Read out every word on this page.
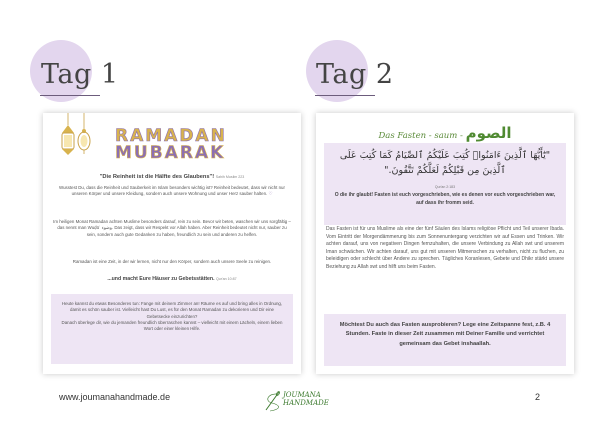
Tag 1	Tag 2
RAMADAN
MUBARAK
"Die Reinheit ist die Hälfte des Glaubens"! Sahih Muslim 223
Wusstest Du, dass die Reinheit und Sauberkeit im Islam besonders wichtig ist? Reinheit bedeutet, dass wir nicht nur unseren Körper und unsere Kleidung, sondern auch unsere Wohnung und unser Herz sauber halten. ♡
Im heiligen Monat Ramadan achten Muslime besonders darauf, rein zu sein. Bevor wir beten, waschen wir uns sorgfältig – das nennt man Wuḍūʾ وضوء. Das zeigt, dass wir Respekt vor Allah haben. Aber Reinheit bedeutet nicht nur, sauber zu sein, sondern auch gute Gedanken zu haben, freundlich zu sein und anderen zu helfen.
Ramadan ist eine Zeit, in der wir lernen, nicht nur den Körper, sondern auch unsere Seele zu reinigen.
...und macht Eure Häuser zu Gebetsstätten. Qur'an 10:87

Heute kannst du etwas Besonderes tun: Fange mit deinem Zimmer an! Räume es auf und bring alles in Ordnung, damit es schön sauber ist. Vielleicht hast Du Lust, es für den Monat Ramadan zu dekorieren und Dir eine Gebetsecke einzurichten?

Danach überlege dir, wie du jemanden freundlich überraschen kannst – vielleicht mit einem Lächeln, einem lieben Wort oder einer kleinen Hilfe.

Das Fasten - saum - الصوم
"يَٰٓأَيُّهَا ٱلَّذِينَ ءَامَنُوا۟ كُتِبَ عَلَيْكُمُ ٱلصِّيَامُ كَمَا كُتِبَ عَلَى ٱلَّذِينَ مِن قَبْلِكُمْ لَعَلَّكُمْ تَتَّقُونَ."
Qur'an 2:183
O die ihr glaubt! Fasten ist euch vorgeschrieben, wie es denen vor euch vorgeschrieben war, auf dass ihr fromm seid.
Das Fasten ist für uns Muslime als eine der fünf Säulen des Islams religiöse Pflicht und Teil unserer Ibada. Vom Eintritt der Morgendämmerung bis zum Sonnenuntergang verzichten wir auf Essen und Trinken. Wir achten darauf, uns von negativen Dingen fernzuhalten, die unsere Verbindung zu Allah swt und unserem Iman schwächen. Wir achten darauf, uns gut mit unseren Mitmenschen zu verhalten, nicht zu fluchen, zu beleidigen oder schlecht über Andere zu sprechen. Tägliches Koranlesen, Gebete und Dhikr stärkt unsere Beziehung zu Allah swt und hilft uns beim Fasten.

Möchtest Du auch das Fasten ausprobieren? Lege eine Zeitspanne fest, z.B. 4 Stunden. Faste in dieser Zeit zusammen mit Deiner Familie und verrichtet gemeinsam das Gebet inshaallah.

www.joumanahandmade.de	JOUMANA
HANDMADE
2
